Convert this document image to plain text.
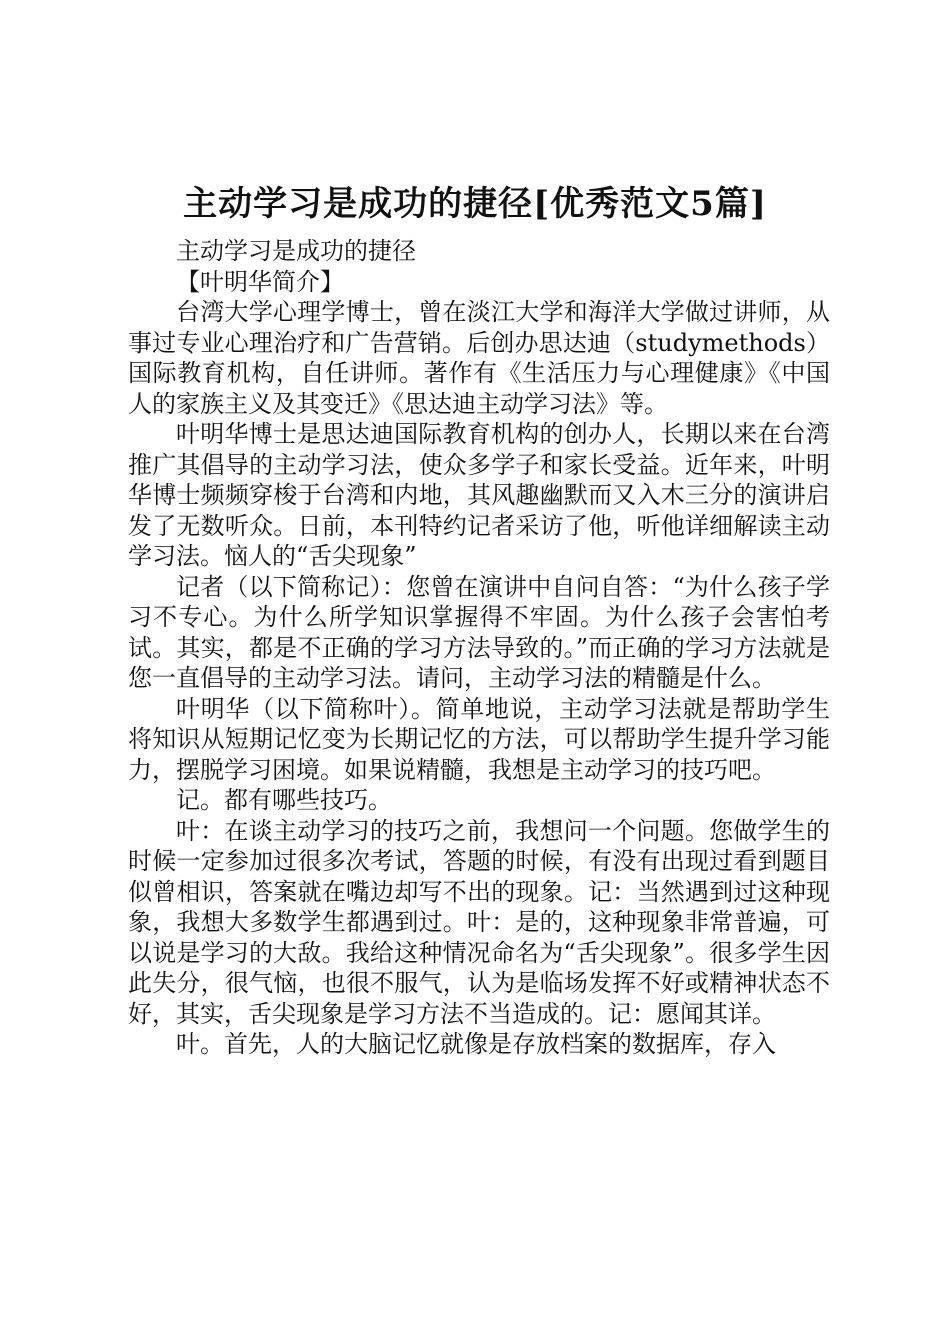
主动学习是成功的捷径[优秀范文5篇]

主动学习是成功的捷径

【叶明华简介】

台湾大学心理学博士，曾在淡江大学和海洋大学做过讲师，从事过专业心理治疗和广告营销。后创办思达迪（studymethods）国际教育机构，自任讲师。著作有《生活压力与心理健康》《中国人的家族主义及其变迁》《思达迪主动学习法》等。

叶明华博士是思达迪国际教育机构的创办人，长期以来在台湾推广其倡导的主动学习法，使众多学子和家长受益。近年来，叶明华博士频频穿梭于台湾和内地，其风趣幽默而又入木三分的演讲启发了无数听众。日前，本刊特约记者采访了他，听他详细解读主动学习法。恼人的“舌尖现象”

记者（以下简称记）：您曾在演讲中自问自答：“为什么孩子学习不专心。为什么所学知识掌握得不牢固。为什么孩子会害怕考试。其实，都是不正确的学习方法导致的。”而正确的学习方法就是您一直倡导的主动学习法。请问，主动学习法的精髓是什么。

叶明华（以下简称叶）。简单地说，主动学习法就是帮助学生将知识从短期记忆变为长期记忆的方法，可以帮助学生提升学习能力，摆脱学习困境。如果说精髓，我想是主动学习的技巧吧。

记。都有哪些技巧。

叶：在谈主动学习的技巧之前，我想问一个问题。您做学生的时候一定参加过很多次考试，答题的时候，有没有出现过看到题目似曾相识，答案就在嘴边却写不出的现象。记：当然遇到过这种现象，我想大多数学生都遇到过。叶：是的，这种现象非常普遍，可以说是学习的大敌。我给这种情况命名为“舌尖现象”。很多学生因此失分，很气恼，也很不服气，认为是临场发挥不好或精神状态不好，其实，舌尖现象是学习方法不当造成的。记：愿闻其详。

叶。首先，人的大脑记忆就像是存放档案的数据库，存入
